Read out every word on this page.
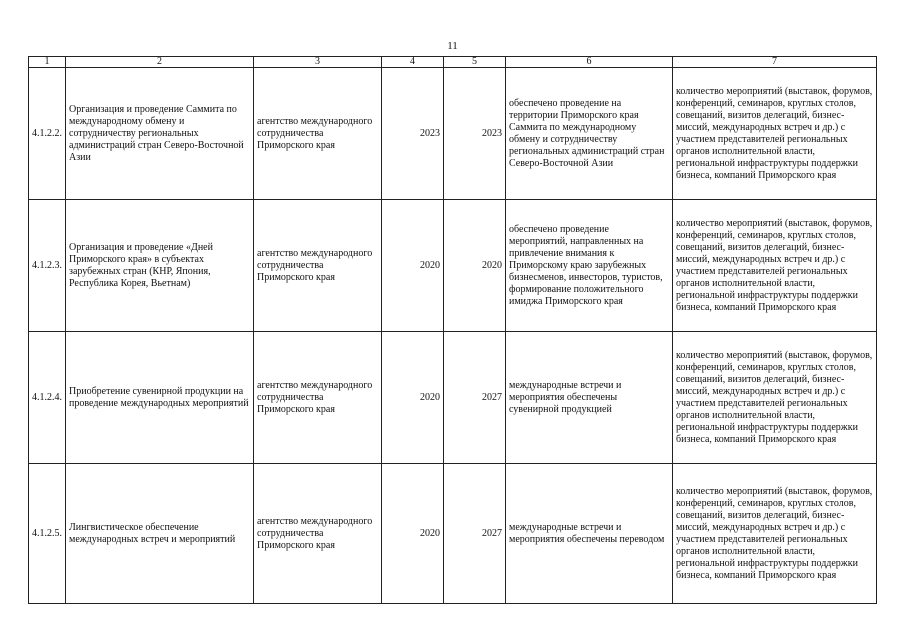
11
1	2	3	4	5	6	7
4.1.2.2.	Организация и проведение Саммита по международному обмену и сотрудничеству региональных администраций стран Северо-Восточной Азии	агентство международного сотрудничества Приморского края	2023	2023	обеспечено проведение на территории Приморского края Саммита по международному обмену и сотрудничеству региональных администраций стран Северо-Восточной Азии	количество мероприятий (выставок, форумов, конференций, семинаров, круглых столов, совещаний, визитов делегаций, бизнес-миссий, международных встреч и др.) с участием представителей региональных органов исполнительной власти, региональной инфраструктуры поддержки бизнеса, компаний Приморского края
4.1.2.3.	Организация и проведение «Дней Приморского края» в субъектах зарубежных стран (КНР, Япония, Республика Корея, Вьетнам)	агентство международного сотрудничества Приморского края	2020	2020	обеспечено проведение мероприятий, направленных на привлечение внимания к Приморскому краю зарубежных бизнесменов, инвесторов, туристов, формирование положительного имиджа Приморского края	количество мероприятий (выставок, форумов, конференций, семинаров, круглых столов, совещаний, визитов делегаций, бизнес-миссий, международных встреч и др.) с участием представителей региональных органов исполнительной власти, региональной инфраструктуры поддержки бизнеса, компаний Приморского края
4.1.2.4.	Приобретение сувенирной продукции на проведение международных мероприятий	агентство международного сотрудничества Приморского края	2020	2027	международные встречи и мероприятия обеспечены сувенирной продукцией	количество мероприятий (выставок, форумов, конференций, семинаров, круглых столов, совещаний, визитов делегаций, бизнес-миссий, международных встреч и др.) с участием представителей региональных органов исполнительной власти, региональной инфраструктуры поддержки бизнеса, компаний Приморского края
4.1.2.5.	Лингвистическое обеспечение международных встреч и мероприятий	агентство международного сотрудничества Приморского края	2020	2027	международные встречи и мероприятия обеспечены переводом	количество мероприятий (выставок, форумов, конференций, семинаров, круглых столов, совещаний, визитов делегаций, бизнес-миссий, международных встреч и др.) с участием представителей региональных органов исполнительной власти, региональной инфраструктуры поддержки бизнеса, компаний Приморского края
